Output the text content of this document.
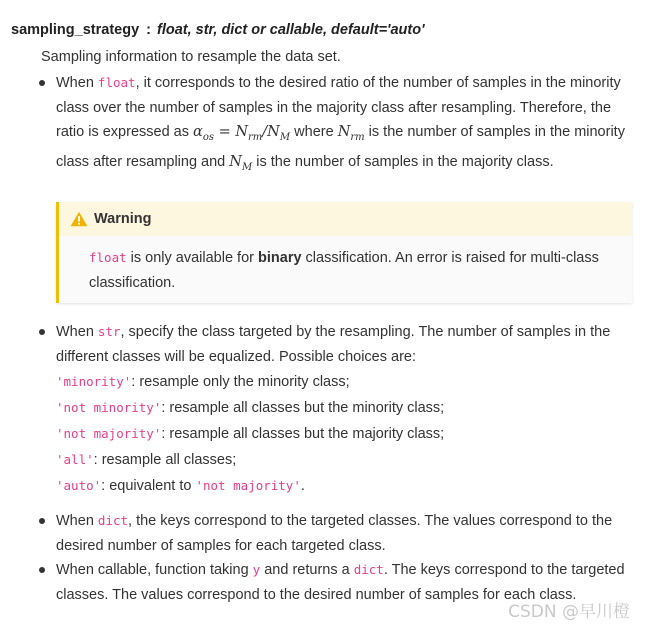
sampling_strategy : float, str, dict or callable, default='auto'
Sampling information to resample the data set.
When float, it corresponds to the desired ratio of the number of samples in the minority class over the number of samples in the majority class after resampling. Therefore, the ratio is expressed as $\alpha_{os} = N_{rm}/N_M$ where $N_{rm}$ is the number of samples in the minority class after resampling and $N_M$ is the number of samples in the majority class.
Warning
float is only available for binary classification. An error is raised for multi-class classification.
When str, specify the class targeted by the resampling. The number of samples in the different classes will be equalized. Possible choices are:
'minority': resample only the minority class;
'not minority': resample all classes but the minority class;
'not majority': resample all classes but the majority class;
'all': resample all classes;
'auto': equivalent to 'not majority'.
When dict, the keys correspond to the targeted classes. The values correspond to the desired number of samples for each targeted class.
When callable, function taking y and returns a dict. The keys correspond to the targeted classes. The values correspond to the desired number of samples for each class.
CSDN @早川橙
